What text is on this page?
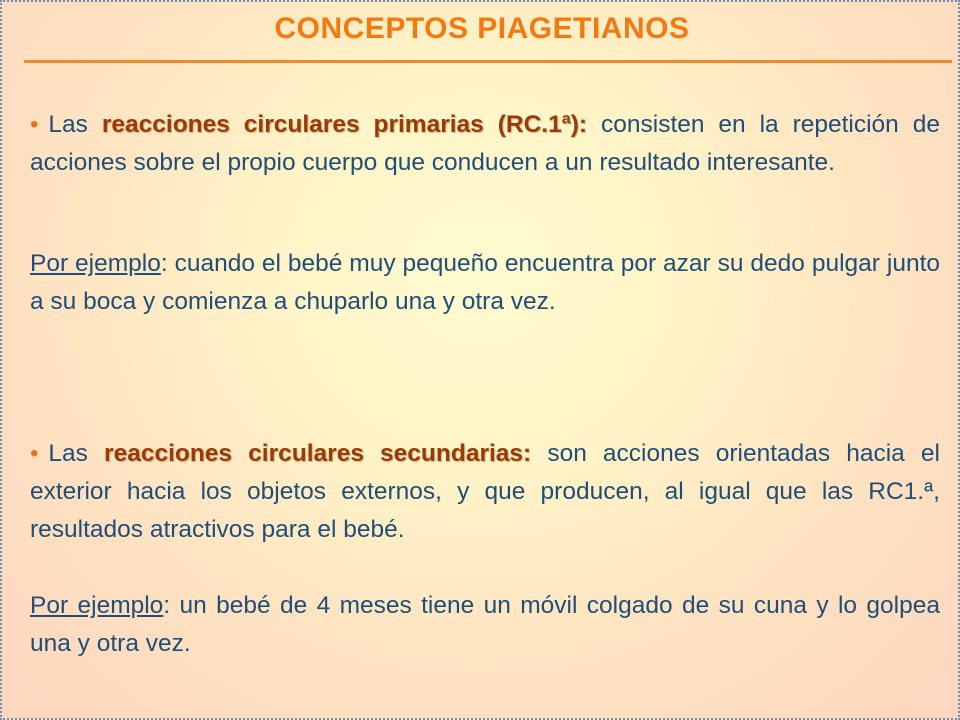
CONCEPTOS PIAGETIANOS

• Las reacciones circulares primarias (RC.1ª): consisten en la repetición de acciones sobre el propio cuerpo que conducen a un resultado interesante.

Por ejemplo: cuando el bebé muy pequeño encuentra por azar su dedo pulgar junto a su boca y comienza a chuparlo una y otra vez.

• Las reacciones circulares secundarias: son acciones orientadas hacia el exterior hacia los objetos externos, y que producen, al igual que las RC1.ª, resultados atractivos para el bebé.

Por ejemplo: un bebé de 4 meses tiene un móvil colgado de su cuna y lo golpea una y otra vez.
